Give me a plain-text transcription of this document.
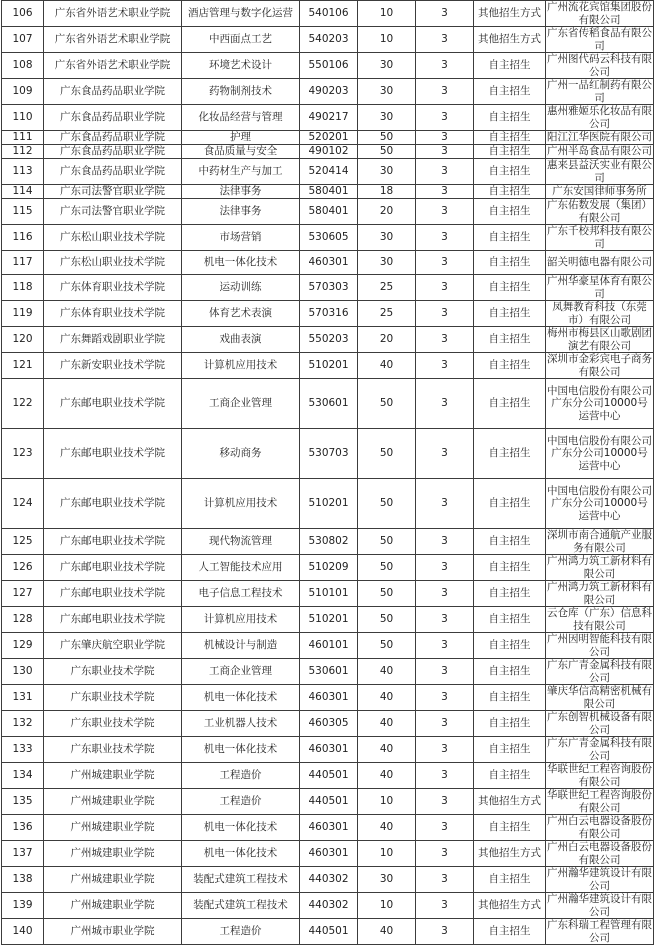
106	广东省外语艺术职业学院	酒店管理与数字化运营	540106	10	3	其他招生方式	广州流花宾馆集团股份有限公司
107	广东省外语艺术职业学院	中西面点工艺	540203	10	3	其他招生方式	广东省传稻食品有限公司
108	广东省外语艺术职业学院	环境艺术设计	550106	30	3	自主招生	广州图代码云科技有限公司
109	广东食品药品职业学院	药物制剂技术	490203	30	3	自主招生	广州一品红制药有限公司
110	广东食品药品职业学院	化妆品经营与管理	490217	30	3	自主招生	惠州雅姬乐化妆品有限公司
111	广东食品药品职业学院	护理	520201	50	3	自主招生	阳江江华医院有限公司
112	广东食品药品职业学院	食品质量与安全	490102	50	3	自主招生	广州半岛食品有限公司
113	广东食品药品职业学院	中药材生产与加工	520414	30	3	自主招生	惠来县益沃实业有限公司
114	广东司法警官职业学院	法律事务	580401	18	3	自主招生	广东安国律师事务所
115	广东司法警官职业学院	法律事务	580401	20	3	自主招生	广东佑数发展（集团）有限公司
116	广东松山职业技术学院	市场营销	530605	30	3	自主招生	广东千校邦科技有限公司
117	广东松山职业技术学院	机电一体化技术	460301	30	3	自主招生	韶关明德电器有限公司
118	广东体育职业技术学院	运动训练	570303	25	3	自主招生	广州华豪星体育有限公司
119	广东体育职业技术学院	体育艺术表演	570316	25	3	自主招生	凤舞教育科技（东莞市）有限公司
120	广东舞蹈戏剧职业学院	戏曲表演	550203	20	3	自主招生	梅州市梅县区山歌剧团演艺有限公司
121	广东新安职业技术学院	计算机应用技术	510201	40	3	自主招生	深圳市金彩宾电子商务有限公司
122	广东邮电职业技术学院	工商企业管理	530601	50	3	自主招生	中国电信股份有限公司广东分公司10000号运营中心
123	广东邮电职业技术学院	移动商务	530703	50	3	自主招生	中国电信股份有限公司广东分公司10000号运营中心
124	广东邮电职业技术学院	计算机应用技术	510201	50	3	自主招生	中国电信股份有限公司广东分公司10000号运营中心
125	广东邮电职业技术学院	现代物流管理	530802	50	3	自主招生	深圳市南合通航产业服务有限公司
126	广东邮电职业技术学院	人工智能技术应用	510209	50	3	自主招生	广州鸿力筑工新材料有限公司
127	广东邮电职业技术学院	电子信息工程技术	510101	50	3	自主招生	广州鸿力筑工新材料有限公司
128	广东邮电职业技术学院	计算机应用技术	510201	50	3	自主招生	云仓库（广东）信息科技有限公司
129	广东肇庆航空职业学院	机械设计与制造	460101	50	3	自主招生	广州因明智能科技有限公司
130	广东职业技术学院	工商企业管理	530601	40	3	自主招生	广东广青金属科技有限公司
131	广东职业技术学院	机电一体化技术	460301	40	3	自主招生	肇庆华信高精密机械有限公司
132	广东职业技术学院	工业机器人技术	460305	40	3	自主招生	广东创智机械设备有限公司
133	广东职业技术学院	机电一体化技术	460301	40	3	自主招生	广东广青金属科技有限公司
134	广州城建职业学院	工程造价	440501	40	3	自主招生	华联世纪工程咨询股份有限公司
135	广州城建职业学院	工程造价	440501	10	3	其他招生方式	华联世纪工程咨询股份有限公司
136	广州城建职业学院	机电一体化技术	460301	40	3	自主招生	广州白云电器设备股份有限公司
137	广州城建职业学院	机电一体化技术	460301	10	3	其他招生方式	广州白云电器设备股份有限公司
138	广州城建职业学院	装配式建筑工程技术	440302	30	3	自主招生	广州瀚华建筑设计有限公司
139	广州城建职业学院	装配式建筑工程技术	440302	10	3	其他招生方式	广州瀚华建筑设计有限公司
140	广州城市职业学院	工程造价	440501	40	3	自主招生	广东科瑞工程管理有限公司
